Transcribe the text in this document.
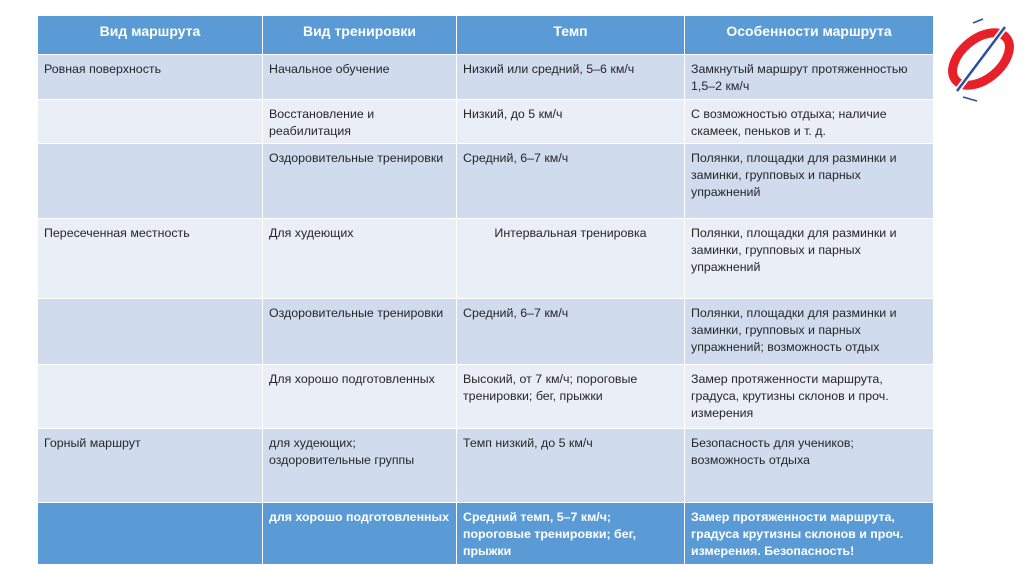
Вид маршрута	Вид тренировки	Темп	Особенности маршрута
Ровная поверхность	Начальное обучение	Низкий или средний, 5–6 км/ч	Замкнутый маршрут протяженностью 1,5–2 км/ч
	Восстановление и реабилитация	Низкий, до 5 км/ч	С возможностью отдыха; наличие скамеек, пеньков и т. д.
	Оздоровительные тренировки	Средний, 6–7 км/ч	Полянки, площадки для разминки и заминки, групповых и парных упражнений
Пересеченная местность	Для худеющих	Интервальная тренировка	Полянки, площадки для разминки и заминки, групповых и парных упражнений
	Оздоровительные тренировки	Средний, 6–7 км/ч	Полянки, площадки для разминки и заминки, групповых и парных упражнений; возможность отдых
	Для хорошо подготовленных	Высокий, от 7 км/ч; пороговые тренировки; бег, прыжки	Замер протяженности маршрута, градуса, крутизны склонов и проч. измерения
Горный маршрут	для худеющих; оздоровительные группы	Темп низкий, до 5 км/ч	Безопасность для учеников; возможность отдыха
	для хорошо подготовленных	Средний темп, 5–7 км/ч; пороговые тренировки; бег, прыжки	Замер протяженности маршрута, градуса крутизны склонов и проч. измерения. Безопасность!
